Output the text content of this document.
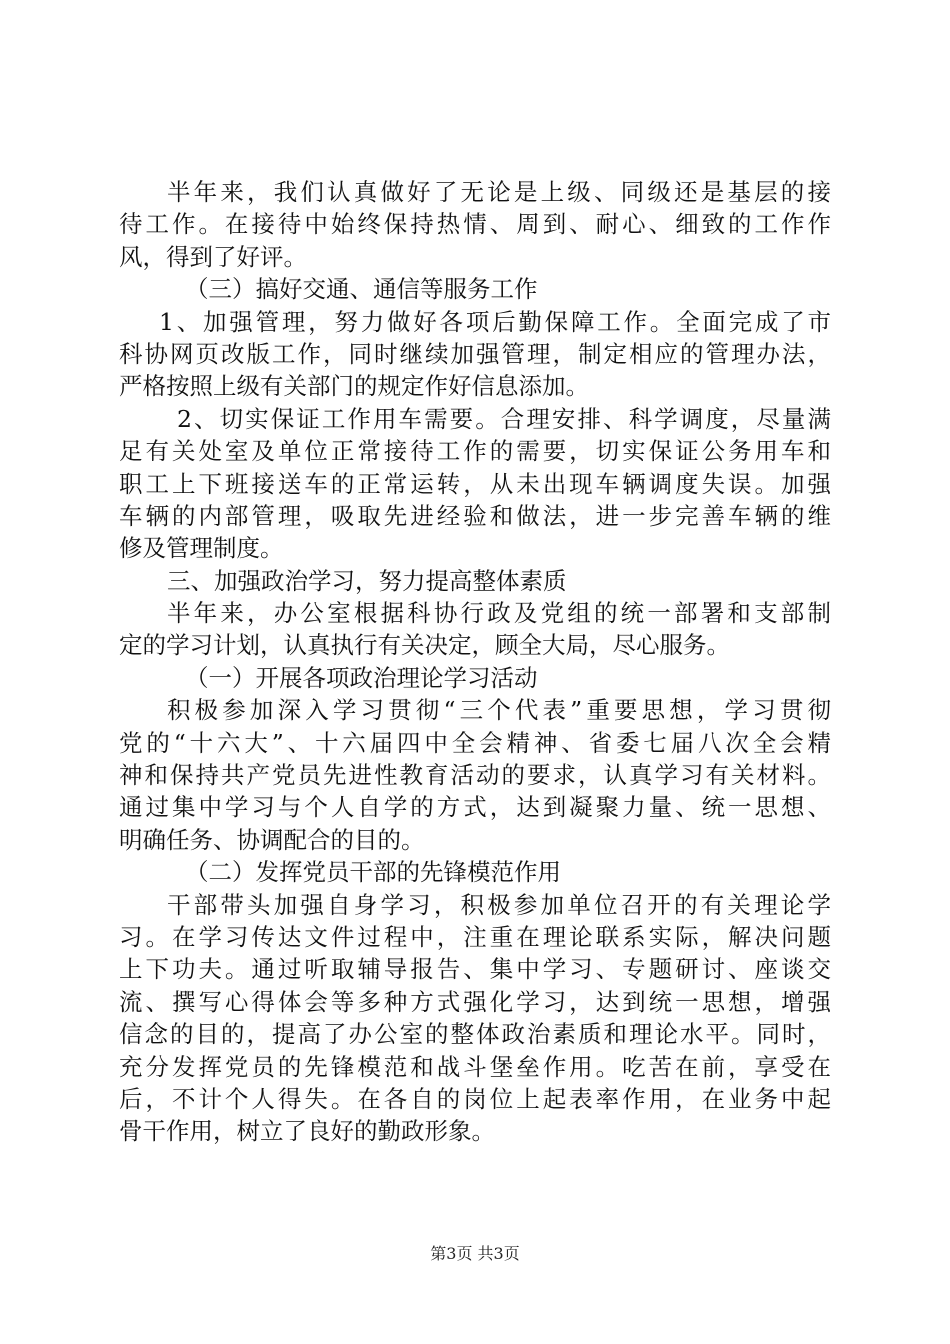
半年来，我们认真做好了无论是上级、同级还是基层的接
待工作。在接待中始终保持热情、周到、耐心、细致的工作作
风，得到了好评。
（三）搞好交通、通信等服务工作
1、加强管理，努力做好各项后勤保障工作。全面完成了市
科协网页改版工作，同时继续加强管理，制定相应的管理办法，
严格按照上级有关部门的规定作好信息添加。
2、切实保证工作用车需要。合理安排、科学调度，尽量满
足有关处室及单位正常接待工作的需要，切实保证公务用车和
职工上下班接送车的正常运转，从未出现车辆调度失误。加强
车辆的内部管理，吸取先进经验和做法，进一步完善车辆的维
修及管理制度。
三、加强政治学习，努力提高整体素质
半年来，办公室根据科协行政及党组的统一部署和支部制
定的学习计划，认真执行有关决定，顾全大局，尽心服务。
（一）开展各项政治理论学习活动
积极参加深入学习贯彻“三个代表”重要思想，学习贯彻
党的“十六大”、十六届四中全会精神、省委七届八次全会精
神和保持共产党员先进性教育活动的要求，认真学习有关材料。
通过集中学习与个人自学的方式，达到凝聚力量、统一思想、
明确任务、协调配合的目的。
（二）发挥党员干部的先锋模范作用
干部带头加强自身学习，积极参加单位召开的有关理论学
习。在学习传达文件过程中，注重在理论联系实际，解决问题
上下功夫。通过听取辅导报告、集中学习、专题研讨、座谈交
流、撰写心得体会等多种方式强化学习，达到统一思想，增强
信念的目的，提高了办公室的整体政治素质和理论水平。同时，
充分发挥党员的先锋模范和战斗堡垒作用。吃苦在前，享受在
后，不计个人得失。在各自的岗位上起表率作用，在业务中起
骨干作用，树立了良好的勤政形象。
第3页 共3页
